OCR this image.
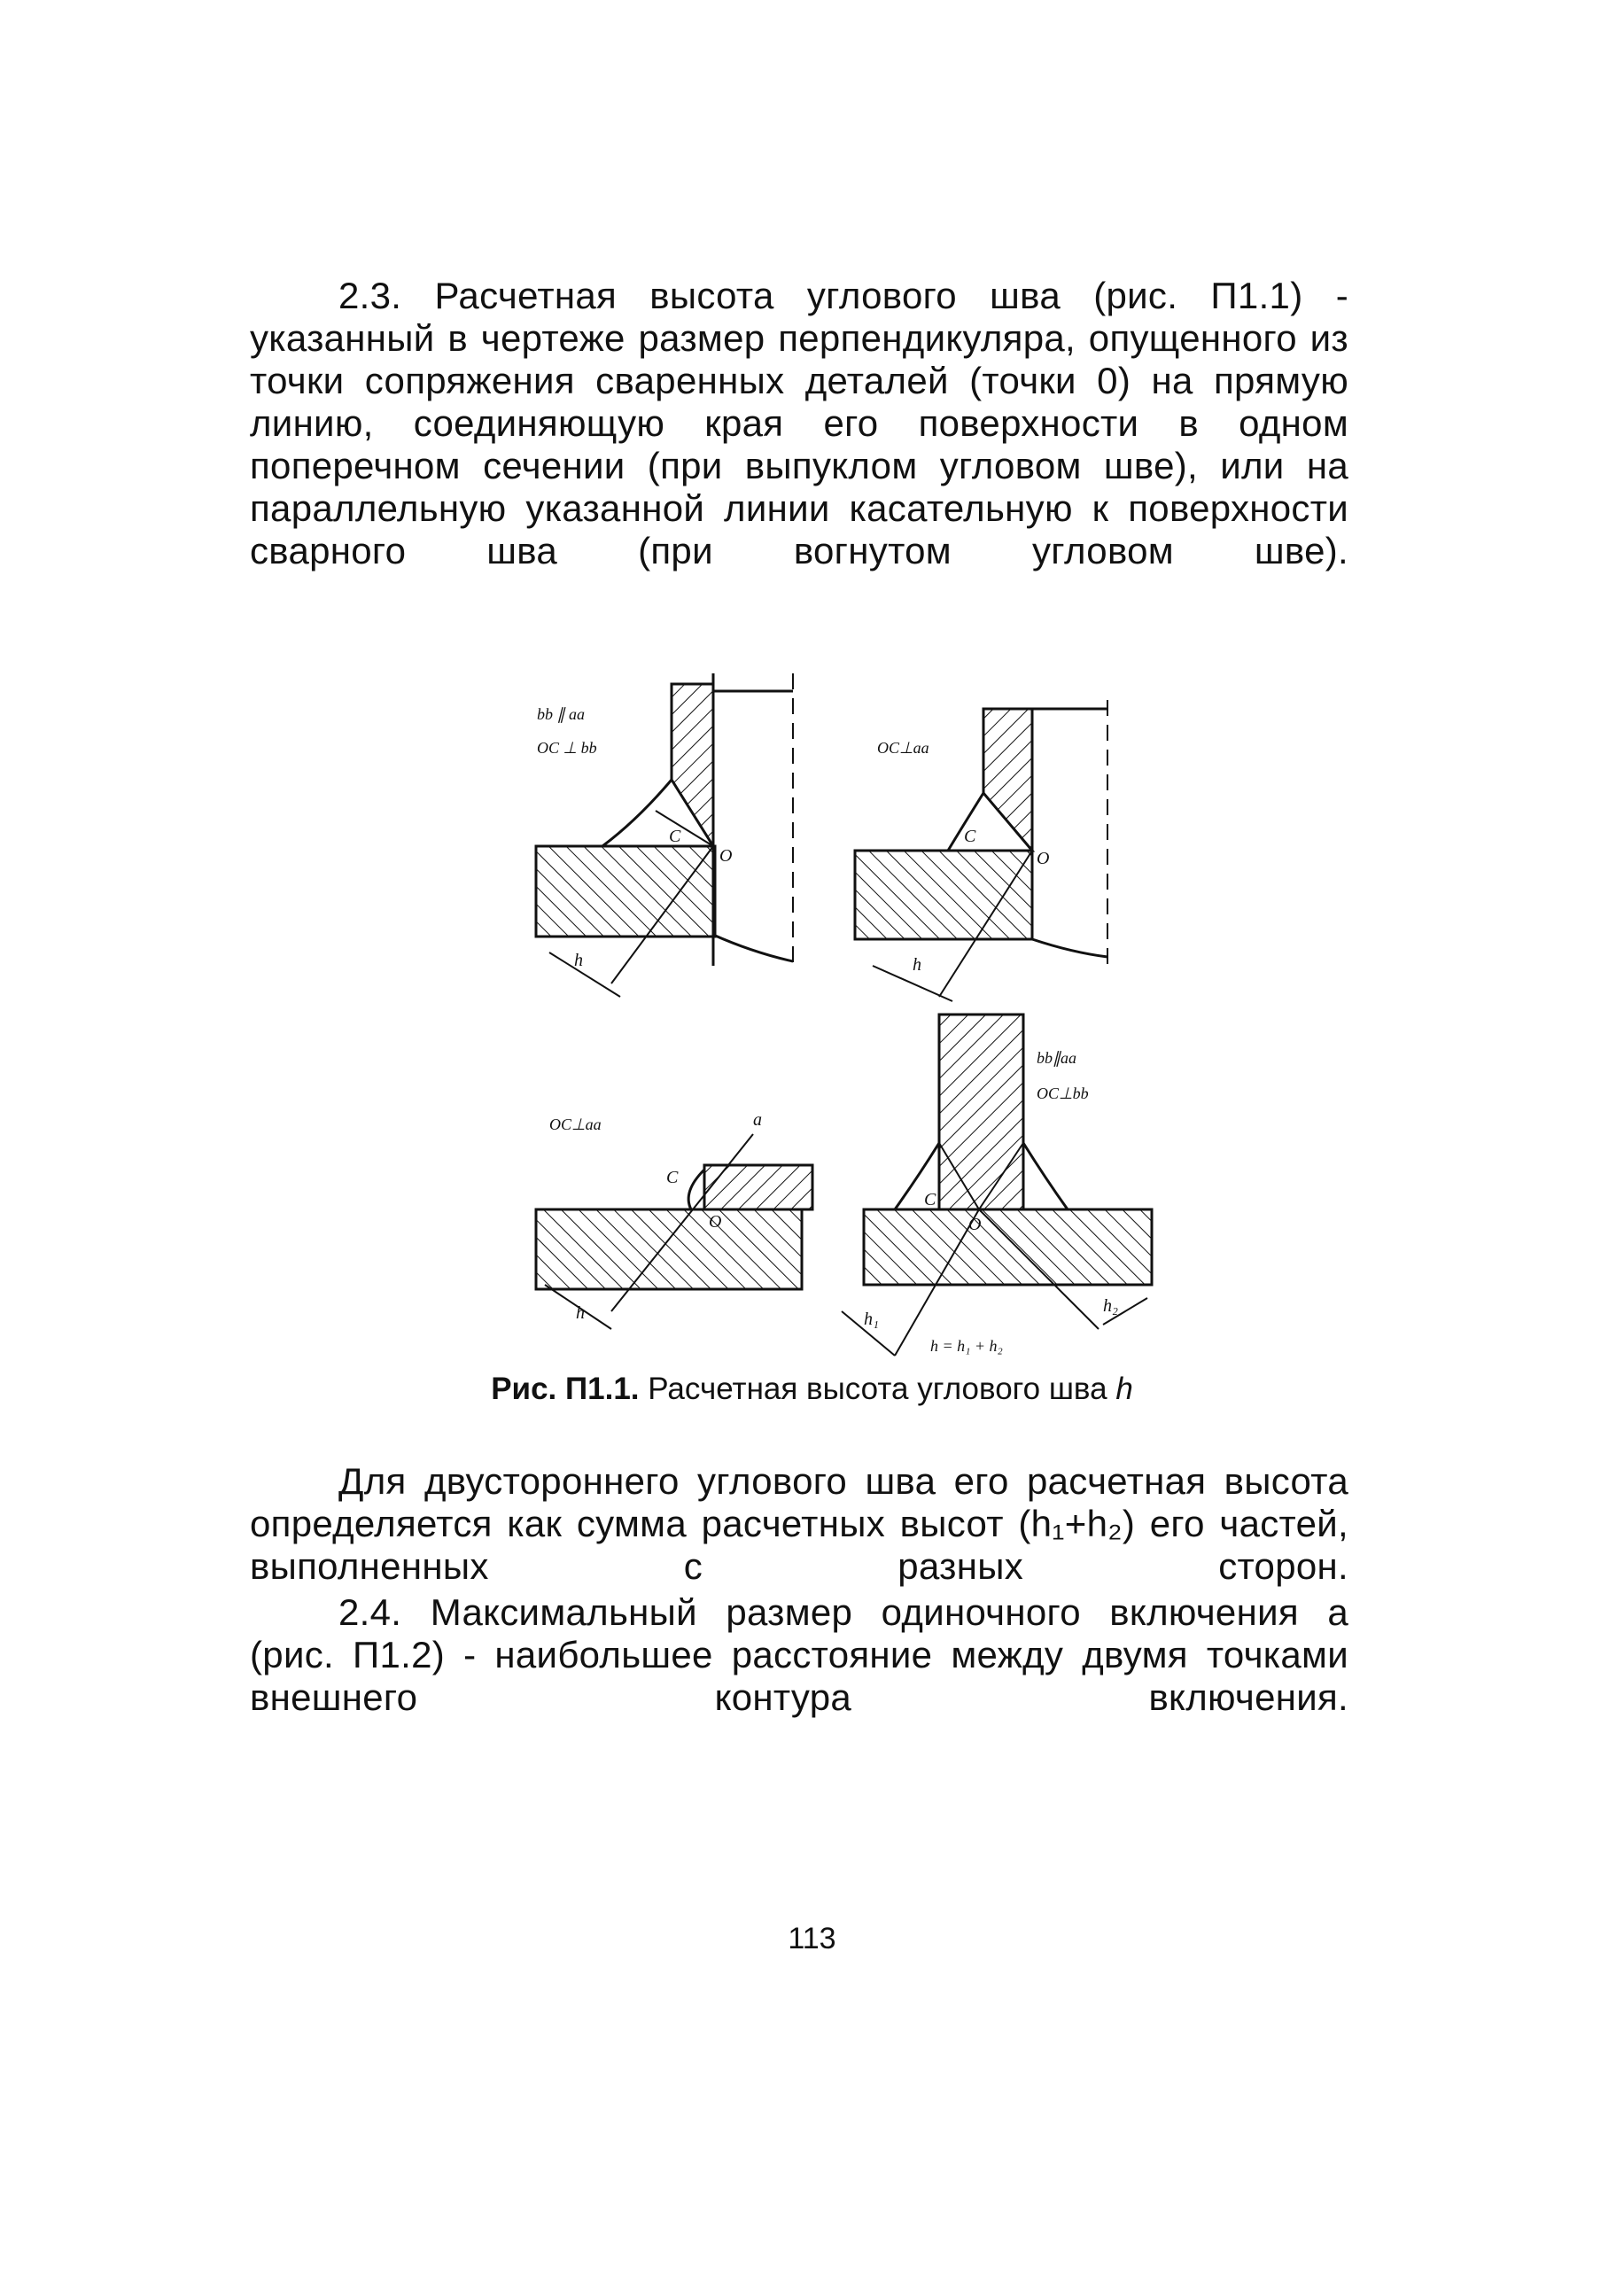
2.3. Расчетная высота углового шва (рис. П1.1) -
указанный в чертеже размер перпендикуляра, опущенного из
точки сопряжения сваренных деталей (точки 0) на прямую
линию, соединяющую края его поверхности в одном
поперечном сечении (при выпуклом угловом шве), или на
параллельную указанной линии касательную к поверхности
сварного шва (при вогнутом угловом шве).
bb ∥ aa
OC ⊥ bb
C
O
h
OC⊥aa
C
O
h
OC⊥aa
C
O
a
h
bb∥aa
OC⊥bb
C
O
h₁
h₂
h = h₁ + h₂
Рис. П1.1. Расчетная высота углового шва h
Для двустороннего углового шва его расчетная высота
определяется как сумма расчетных высот (h₁+h₂) его частей,
выполненных с разных сторон.
2.4. Максимальный размер одиночного включения a
(рис. П1.2) - наибольшее расстояние между двумя точками
внешнего контура включения.
113
